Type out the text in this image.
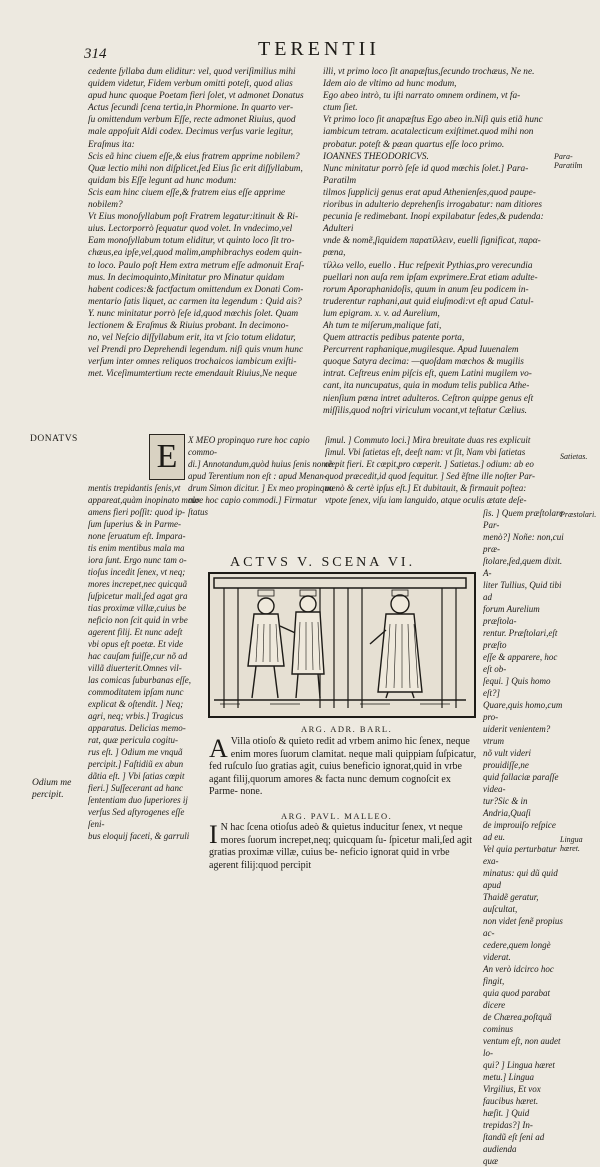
314	TERENTII

cedente ſyllaba dum eliditur: vel, quod veriſimilius mihi

quidem videtur, Fidem verbum omitti poteſt, quod alias

apud hunc quoque Poetam fieri ſolet, vt admonet Donatus

Actus ſecundi ſcena tertia,in Phormione. In quarto ver-

ſu omittendum verbum Eſſe, recte admonet Riuius, quod

male appoſuit Aldi codex. Decimus verſus varie legitur,

Eraſmus ita:

Scis eã hinc ciuem eſſe,& eius fratrem apprime nobilem?

Quæ lectio mihi non diſplicet,ſed Eius ſic erit diſſyllabum,

quidam bis Eſſe legunt ad hunc modum:

Scis eam hinc ciuem eſſe,& fratrem eius eſſe apprime

nobilem?

Vt Eius monoſyllabum poſt Fratrem legatur:itinuit & Ri-

uius. Lectorporrò ſequatur quod volet. In vndecimo,vel

Eam monoſyllabum totum eliditur, vt quinto loco ſit tro-

chæus,ea ipſe,vel,quod malim,amphibrachys eodem quin-

to loco. Paulo poſt Hem extra metrum eſſe admonuit Eraſ-

mus. In decimoquinto,Minitatur pro Minatur quidam

habent codices:& factfactum omittendum ex Donati Com-

mentario ſatis liquet, ac carmen ita legendum : Quid ais?

Y. nunc minitatur porrò ſeſe id,quod mœchis ſolet. Quam

lectionem & Eraſmus & Riuius probant. In decimono-

no, vel Neſcio diſſyllabum erit, ita vt ſcio totum elidatur,

vel Prendi pro Deprehendi legendum. niſi quis vnum hunc

verſum inter omnes reliquos trochaicos iambicum exiſti-

met. Viceſimumtertium recte emendauit Riuius,Ne neque

illi, vt primo loco ſit anapæſtus,ſecundo trochæus, Ne ne.

Idem aio de vltimo ad hunc modum,

Ego abeo intrò, tu iſti narrato omnem ordinem, vt fa-

ctum ſiet.

Vt primo loco ſit anapæſtus Ego abeo in.Niſi quis etiã hunc

iambicum tetram. acatalecticum exiſtimet.quod mihi non

probatur. poteſt & pæan quartus eſſe loco primo.

IOANNES THEODORICVS.

Nunc minitatur porrò ſeſe id quod mœchis ſolet.] Para- Paratilm

tilmos ſupplicij genus erat apud Athenienſes,quod paupe-

rioribus in adulterio deprehenſis irrogabatur: nam ditiores

pecunia ſe redimebant. Inopi expilabatur ſedes,& pudenda: Adulteri

vnde & nomẽ,ſiquidem παρατίλλειν, euelli ſignificat, παρα- pœna,

τίλλω vello, euello . Huc reſpexit Pythias,pro verecundia

puellari non auſa rem ipſam exprimere.Erat etiam adulte-

rorum Aporaphanidoſis, quum in anum ſeu podicem in-

truderentur raphani,aut quid eiuſmodi:vt eſt apud Catul-

lum epigram. x. v. ad Aurelium,

Ah tum te miſerum,malique fati,

Quem attractis pedibus patente porta,

Percurrent raphanique,mugilesque. Apud Iuuenalem

quoque Satyra decima: —quoſdam mœchos & mugilis

intrat. Ceſtreus enim piſcis eſt, quem Latini mugilem vo-

cant, ita nuncupatus, quia in modum telis publica Athe-

nienſium pœna intret adulteros. Ceſtron quippe genus eſt

miſſilis,quod noſtri viriculum vocant,vt teſtatur Cælius.

DONATVS
Para- Paratilm
Satietas.
Præstolari.
Odium me
percipit.
Lingua hæret.
E	X MEO propinquo rure hoc capio commo-

di.] Annotandum,quòd huius ſenis nomẽ

apud Terentium non eſt : apud Menan-

drum Simon dicitur. ] Ex meo propinquo

rure hoc capio commodi.] Firmatur ſtatus

mentis trepidantis ſenis,vt appareat,quàm inopinato malo

amens fieri poſſit: quod ip-

ſum ſuperius & in Parme-

none ſeruatum eſt. Impara-

tis enim mentibus mala ma

iora ſunt. Ergo nunc tam o-

tioſus incedit ſenex, vt neq;

mores increpet,nec quicquã

ſuſpicetur mali,ſed agat gra

tias proximæ villæ,cuius be

neficio non ſcit quid in vrbe

agerent filij. Et nunc adeſt

vbi opus eſt poetæ. Et vide

hac cauſam fuiſſe,cur nõ ad

villã diuerterit.Omnes vil-

las comicas ſuburbanas eſſe,

commoditatem ipſam nunc

explicat & oſtendit. ] Neq;

agri, neq; vrbis.] Tragicus

apparatus. Delicias memo-

rat, quæ pericula cogitu-

rus eſt. ] Odium me vnquã

percipit.] Faſtidiũ ex abun

dãtia eſt. ] Vbi ſatias cœpit

fieri.] Suſſecerant ad hanc

ſententiam duo ſuperiores ij

verſus Sed aſtyrogenes eſſe ſeni-

bus eloquij faceti, & garruli

ſimul. ] Commuto loci.] Mira breuitate duas res explicuit

ſimul. Vbi ſatietas eſt, deeſt nam: vt ſit, Nam vbi ſatietas

cœpit fieri. Et cœpit,pro cœperit. ] Satietas.] odium: ab eo

quod præcedit,id quod ſequitur. ] Sed ẽſtne ille noſter Par-

menò & certè ipſus eſt.] Et dubitauit, & firmauit poſtea:

vtpote ſenex, viſu iam languido, atque oculis ætate deſe-

ſis. ] Quem præſtolare Par-

menò?] Noñe: non,cui præ-

ſtolare,ſed,quem dixit. A-

liter Tullius, Quid tibi ad

forum Aurelium præſtola-

rentur. Præſtolari,eſt præſto

eſſe & apparere, hoc eſt ob-

ſequi. ] Quis homo eſt?]

Quare,quis homo,cum pro-

uiderit venientem? vtrum

nõ vult videri prouidiſſe,ne

quid fallaciæ paraſſe videa-

tur?Sic & in Andria,Quaſi

de improuiſo reſpice ad eu.

Vel quia perturbatur exa-

minatus: qui dũ quid apud

Thaidẽ geratur, auſcultat,

non videt ſenẽ propius ac-

cedere,quem longè viderat.

An verò idcirco hoc fingit,

quia quod parabat dicere

de Chærea,poſtquã cominus

ventum eſt, non audet lo-

qui? ] Lingua hæret metu.] Lingua

Virgilius, Et vox faucibus hæret.

hæſit. ] Quid trepidas?] In-

ſtandũ eſt ſeni ad audienda

quæ

ACTVS V. SCENA VI.
ARG. ADR. BARL.
A Villa otioſo & quieto redit ad vrbem animo hic ſenex, neque enim mores ſuorum clamitat. neque mali quippiam ſuſpicatur, fed ruſculo ſuo gratias agit, cuius beneficio ignorat,quid in vrbe agant filij,quorum amores & facta nunc demum cognoſcit ex Parme- none.
ARG. PAVL. MALLEO.
I N hac ſcena otioſus adeò & quietus inducitur ſenex, vt neque mores ſuorum increpet,neq; quicquam ſu- ſpicetur mali,ſed agit gratias proximæ villæ, cuius be- neficio ignorat quid in vrbe agerent filij:quod percipit
